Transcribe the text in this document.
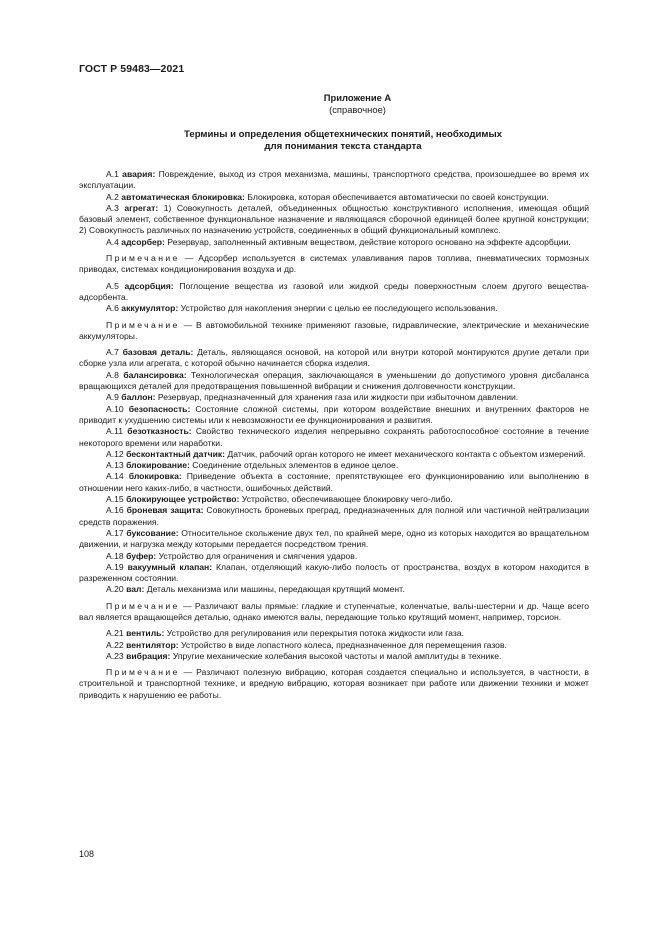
ГОСТ Р 59483—2021
Приложение А
(справочное)
Термины и определения общетехнических понятий, необходимых
для понимания текста стандарта

А.1 авария: Повреждение, выход из строя механизма, машины, транспортного средства, произошедшее во время их эксплуатации.

А.2 автоматическая блокировка: Блокировка, которая обеспечивается автоматически по своей конструкции.

А.3 агрегат: 1) Совокупность деталей, объединенных общностью конструктивного исполнения, имеющая общий базовый элемент, собственное функциональное назначение и являющаяся сборочной единицей более крупной конструкции; 2) Совокупность различных по назначению устройств, соединенных в общий функциональный комплекс.

А.4 адсорбер: Резервуар, заполненный активным веществом, действие которого основано на эффекте адсорбции.

Примечание — Адсорбер используется в системах улавливания паров топлива, пневматических тормозных приводах, системах кондиционирования воздуха и др.

А.5 адсорбция: Поглощение вещества из газовой или жидкой среды поверхностным слоем другого вещества-адсорбента.

А.6 аккумулятор: Устройство для накопления энергии с целью ее последующего использования.

Примечание — В автомобильной технике применяют газовые, гидравлические, электрические и механические аккумуляторы.

А.7 базовая деталь: Деталь, являющаяся основой, на которой или внутри которой монтируются другие детали при сборке узла или агрегата, с которой обычно начинается сборка изделия.

А.8 балансировка: Технологическая операция, заключающаяся в уменьшении до допустимого уровня дисбаланса вращающихся деталей для предотвращения повышенной вибрации и снижения долговечности конструкции.

А.9 баллон: Резервуар, предназначенный для хранения газа или жидкости при избыточном давлении.

А.10 безопасность: Состояние сложной системы, при котором воздействие внешних и внутренних факторов не приводит к ухудшению системы или к невозможности ее функционирования и развития.

А.11 безотказность: Свойство технического изделия непрерывно сохранять работоспособное состояние в течение некоторого времени или наработки.

А.12 бесконтактный датчик: Датчик, рабочий орган которого не имеет механического контакта с объектом измерений.

А.13 блокирование: Соединение отдельных элементов в единое целое.

А.14 блокировка: Приведение объекта в состояние, препятствующее его функционированию или выполнению в отношении него каких-либо, в частности, ошибочных действий.

А.15 блокирующее устройство: Устройство, обеспечивающее блокировку чего-либо.

А.16 броневая защита: Совокупность броневых преград, предназначенных для полной или частичной нейтрализации средств поражения.

А.17 буксование: Относительное скольжение двух тел, по крайней мере, одно из которых находится во вращательном движении, и нагрузка между которыми передается посредством трения.

А.18 буфер: Устройство для ограничения и смягчения ударов.

А.19 вакуумный клапан: Клапан, отделяющий какую-либо полость от пространства, воздух в котором находится в разреженном состоянии.

А.20 вал: Деталь механизма или машины, передающая крутящий момент.

Примечание — Различают валы прямые: гладкие и ступенчатые, коленчатые, валы-шестерни и др. Чаще всего вал является вращающейся деталью, однако имеются валы, передающие только крутящий момент, например, торсион.

А.21 вентиль: Устройство для регулирования или перекрытия потока жидкости или газа.

А.22 вентилятор: Устройство в виде лопастного колеса, предназначенное для перемещения газов.

А.23 вибрация: Упругие механические колебания высокой частоты и малой амплитуды в технике.

Примечание — Различают полезную вибрацию, которая создается специально и используется, в частности, в строительной и транспортной технике, и вредную вибрацию, которая возникает при работе или движении техники и может приводить к нарушению ее работы.

108
